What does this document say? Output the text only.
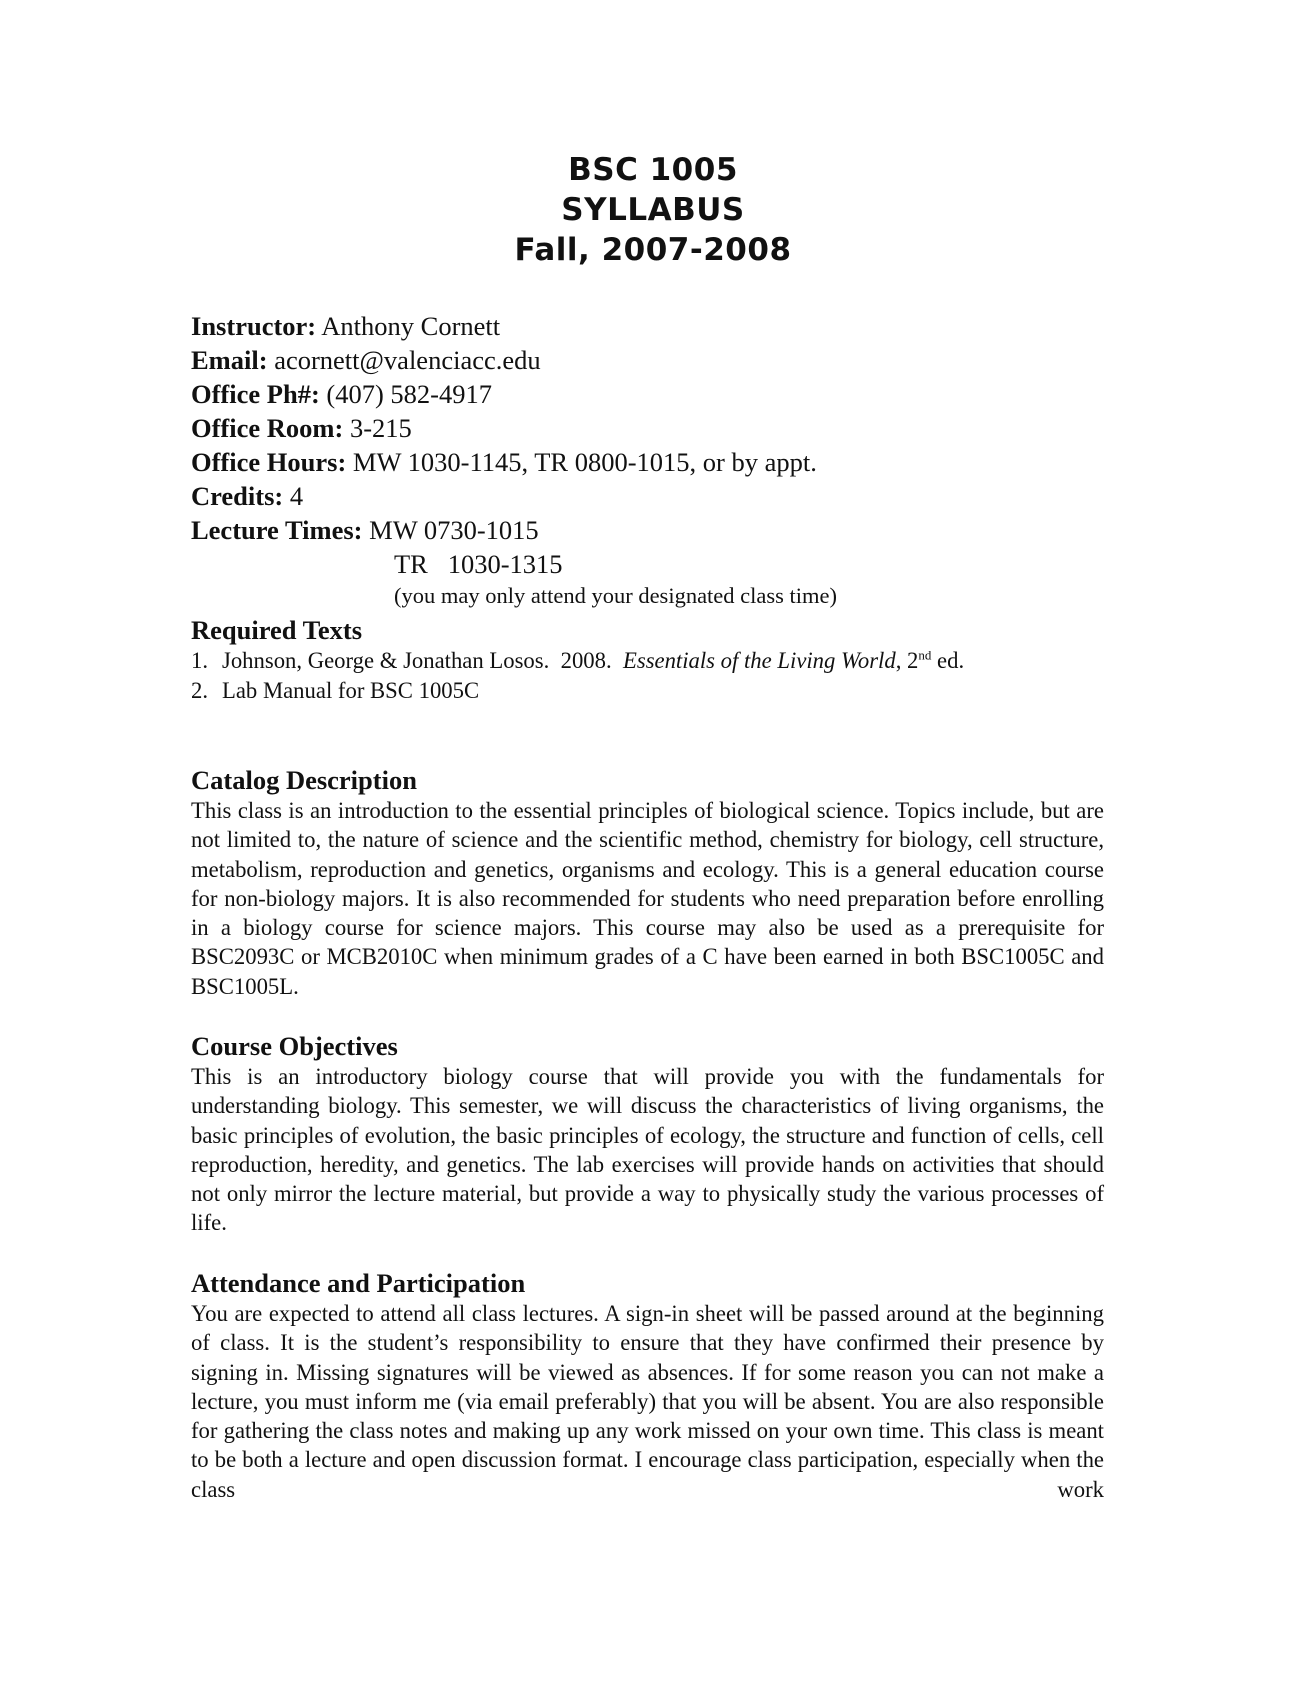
BSC 1005
SYLLABUS
Fall, 2007-2008
Instructor: Anthony Cornett
Email: acornett@valenciacc.edu
Office Ph#: (407) 582-4917
Office Room: 3-215
Office Hours: MW 1030-1145, TR 0800-1015, or by appt.
Credits: 4
Lecture Times: MW 0730-1015
TR   1030-1315
(you may only attend your designated class time)
Required Texts
1. Johnson, George & Jonathan Losos.  2008.  Essentials of the Living World, 2nd ed.
2. Lab Manual for BSC 1005C
Catalog Description

This class is an introduction to the essential principles of biological science. Topics include, but are not limited to, the nature of science and the scientific method, chemistry for biology, cell structure, metabolism, reproduction and genetics, organisms and ecology. This is a general education course for non-biology majors. It is also recommended for students who need preparation before enrolling in a biology course for science majors. This course may also be used as a prerequisite for BSC2093C or MCB2010C when minimum grades of a C have been earned in both BSC1005C and BSC1005L.

Course Objectives

This is an introductory biology course that will provide you with the fundamentals for understanding biology. This semester, we will discuss the characteristics of living organisms, the basic principles of evolution, the basic principles of ecology, the structure and function of cells, cell reproduction, heredity, and genetics. The lab exercises will provide hands on activities that should not only mirror the lecture material, but provide a way to physically study the various processes of life.

Attendance and Participation

You are expected to attend all class lectures. A sign-in sheet will be passed around at the beginning of class. It is the student’s responsibility to ensure that they have confirmed their presence by signing in. Missing signatures will be viewed as absences. If for some reason you can not make a lecture, you must inform me (via email preferably) that you will be absent. You are also responsible for gathering the class notes and making up any work missed on your own time. This class is meant to be both a lecture and open discussion format. I encourage class participation, especially when the class work
